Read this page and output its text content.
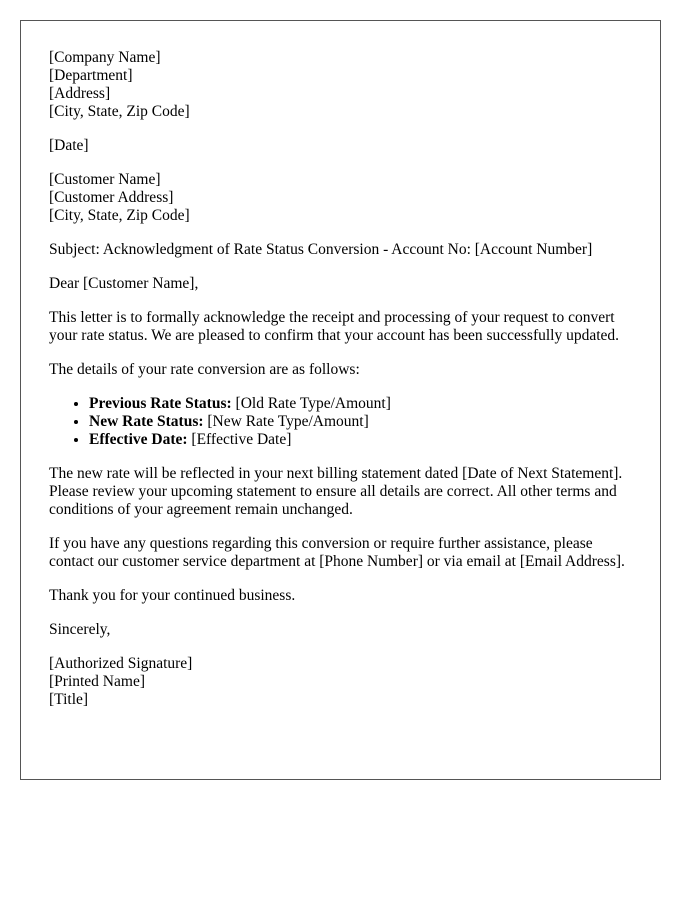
[Company Name]
[Department]
[Address]
[City, State, Zip Code]
[Date]
[Customer Name]
[Customer Address]
[City, State, Zip Code]

Subject: Acknowledgment of Rate Status Conversion - Account No: [Account Number]

Dear [Customer Name],

This letter is to formally acknowledge the receipt and processing of your request to convert your rate status. We are pleased to confirm that your account has been successfully updated.

The details of your rate conversion are as follows:

• Previous Rate Status: [Old Rate Type/Amount]
• New Rate Status: [New Rate Type/Amount]
• Effective Date: [Effective Date]

The new rate will be reflected in your next billing statement dated [Date of Next Statement]. Please review your upcoming statement to ensure all details are correct. All other terms and conditions of your agreement remain unchanged.

If you have any questions regarding this conversion or require further assistance, please contact our customer service department at [Phone Number] or via email at [Email Address].

Thank you for your continued business.

Sincerely,

[Authorized Signature]
[Printed Name]
[Title]
